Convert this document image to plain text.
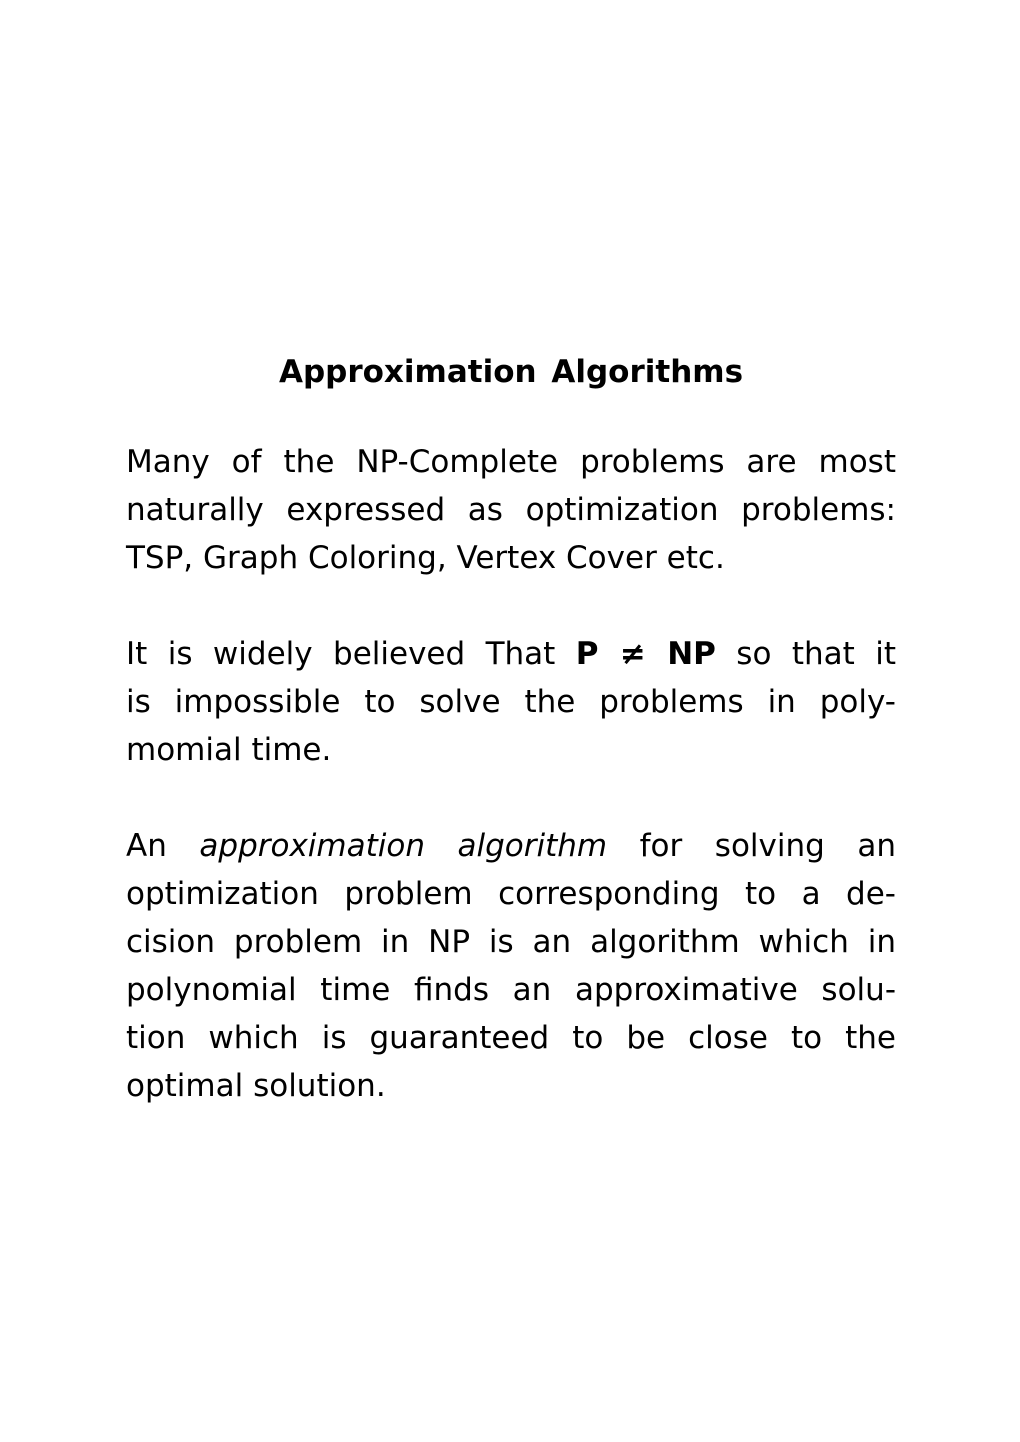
Approximation Algorithms
Many of the NP-Complete problems are most
naturally expressed as optimization problems:
TSP, Graph Coloring, Vertex Cover etc.
It is widely believed That P ≠ NP so that it
is impossible to solve the problems in poly-
momial time.
An approximation algorithm for solving an
optimization problem corresponding to a de-
cision problem in NP is an algorithm which in
polynomial time finds an approximative solu-
tion which is guaranteed to be close to the
optimal solution.
